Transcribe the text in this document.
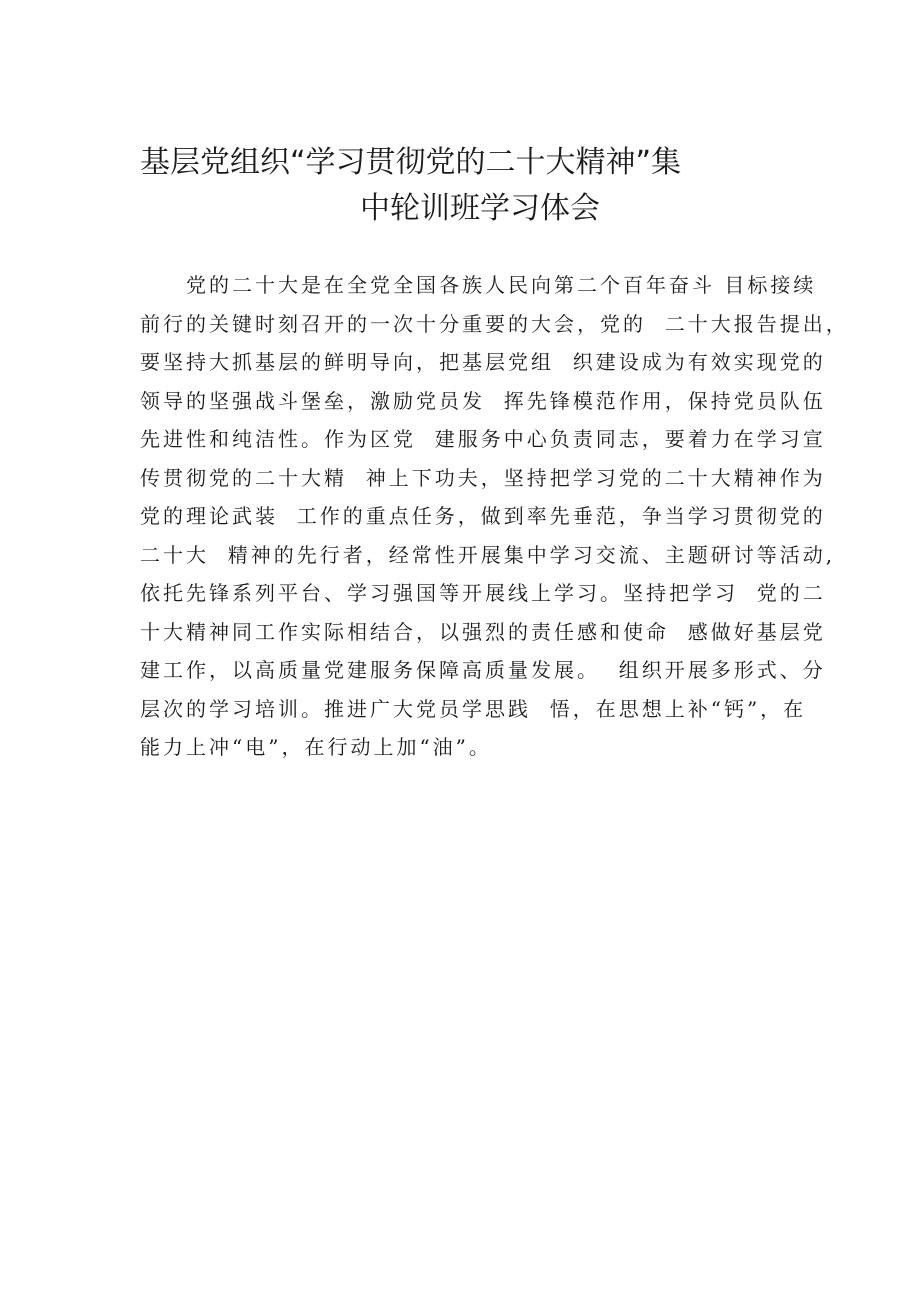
基层党组织“学习贯彻党的二十大精神”集
中轮训班学习体会
党的二十大是在全党全国各族人民向第二个百年奋斗 目标接续
前行的关键时刻召开的一次十分重要的大会，党的  二十大报告提出，
要坚持大抓基层的鲜明导向，把基层党组  织建设成为有效实现党的
领导的坚强战斗堡垒，激励党员发  挥先锋模范作用，保持党员队伍
先进性和纯洁性。作为区党  建服务中心负责同志，要着力在学习宣
传贯彻党的二十大精  神上下功夫，坚持把学习党的二十大精神作为
党的理论武装  工作的重点任务，做到率先垂范，争当学习贯彻党的
二十大  精神的先行者，经常性开展集中学习交流、主题研讨等活动,
依托先锋系列平台、学习强国等开展线上学习。坚持把学习  党的二
十大精神同工作实际相结合，以强烈的责任感和使命  感做好基层党
建工作，以高质量党建服务保障高质量发展。  组织开展多形式、分
层次的学习培训。推进广大党员学思践  悟，在思想上补“钙”，在
能力上冲“电”，在行动上加“油”。
